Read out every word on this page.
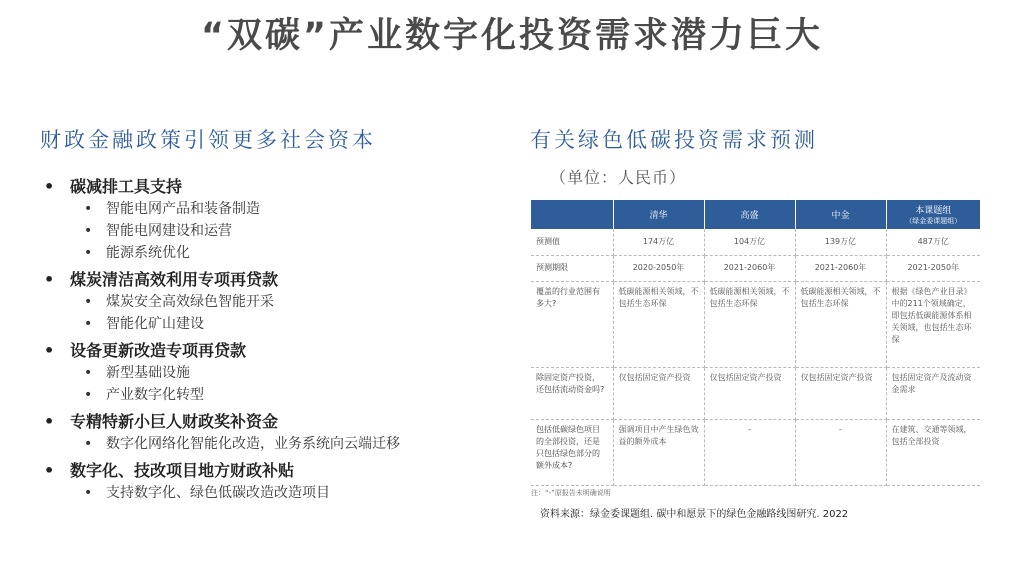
“双碳”产业数字化投资需求潜力巨大
财政金融政策引领更多社会资本
• 碳减排工具支持
• 智能电网产品和装备制造
• 智能电网建设和运营
• 能源系统优化
• 煤炭清洁高效利用专项再贷款
• 煤炭安全高效绿色智能开采
• 智能化矿山建设
• 设备更新改造专项再贷款
• 新型基础设施
• 产业数字化转型
• 专精特新小巨人财政奖补资金
• 数字化网络化智能化改造，业务系统向云端迁移
• 数字化、技改项目地方财政补贴
• 支持数字化、绿色低碳改造改造项目
有关绿色低碳投资需求预测
（单位：人民币）
	清华	高盛	中金	本课题组
（绿金委课题组）

预测值	174万亿	104万亿	139万亿	487万亿
预测期限	2020-2050年	2021-2060年	2021-2060年	2021-2050年
覆盖的行业范围有多大?	低碳能源相关领域，不包括生态环保	低碳能源相关领域，不包括生态环保	低碳能源相关领域，不包括生态环保	根据《绿色产业目录》中的211个领域确定，即包括低碳能源体系相关领域，也包括生态环保
除固定资产投资，还包括流动资金吗?	仅包括固定资产投资	仅包括固定资产投资	仅包括固定资产投资	包括固定资产及流动资金需求
包括低碳绿色项目的全部投资，还是只包括绿色部分的额外成本?	强调项目中产生绿色效益的额外成本	-	-	在建筑、交通等领域，包括全部投资
注：“-”原报告未明确说明
资料来源：绿金委课题组. 碳中和愿景下的绿色金融路线图研究. 2022
